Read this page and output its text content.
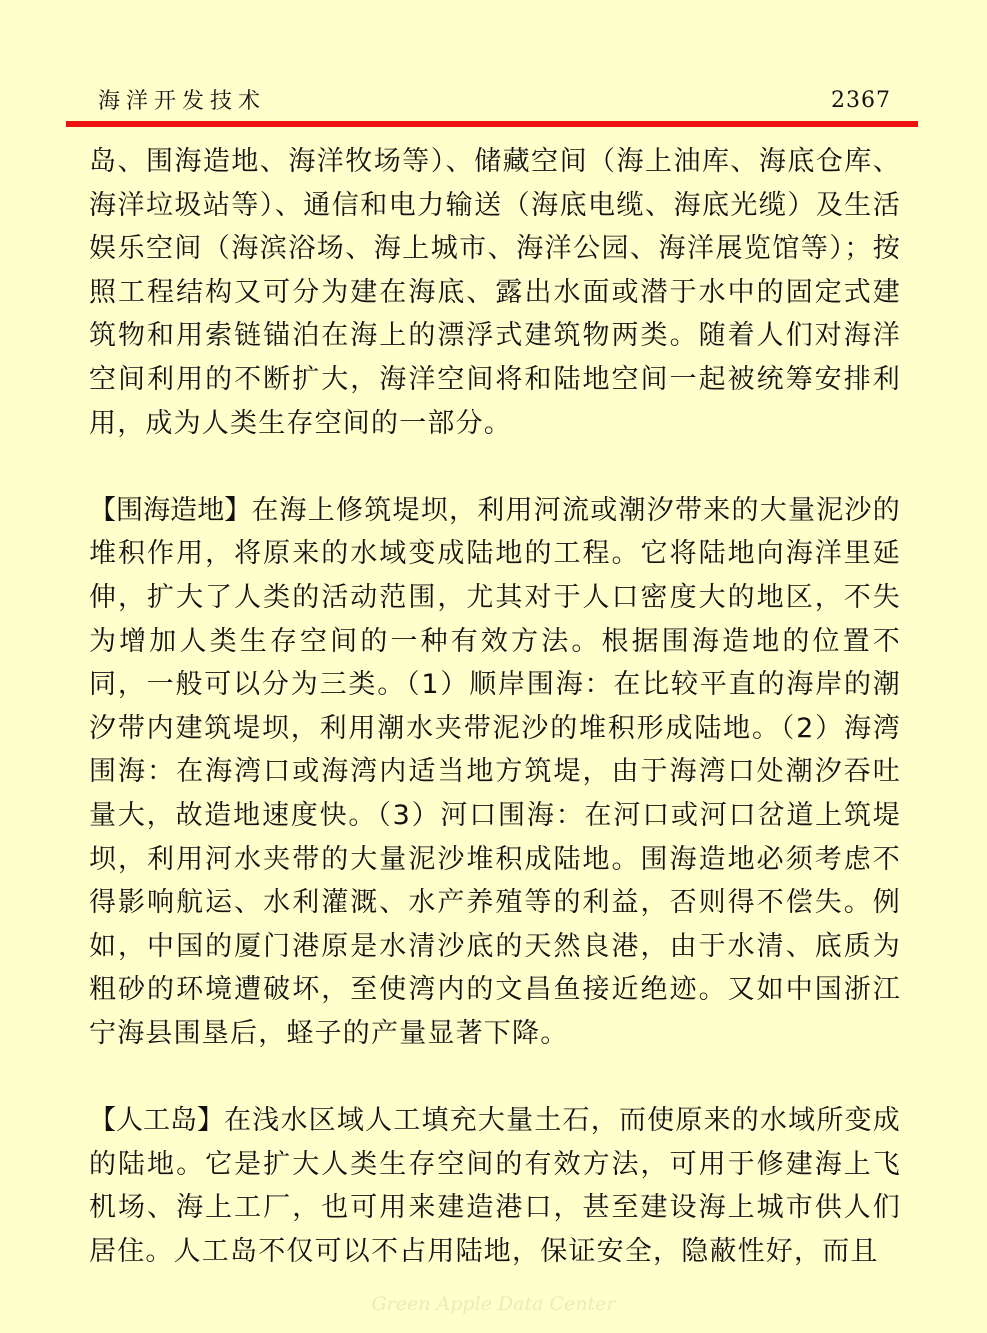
海洋开发技术	2367

岛、围海造地、海洋牧场等）、储藏空间（海上油库、海底仓库、海洋垃圾站等）、通信和电力输送（海底电缆、海底光缆）及生活娱乐空间（海滨浴场、海上城市、海洋公园、海洋展览馆等）；按照工程结构又可分为建在海底、露出水面或潜于水中的固定式建筑物和用索链锚泊在海上的漂浮式建筑物两类。随着人们对海洋空间利用的不断扩大，海洋空间将和陆地空间一起被统筹安排利用，成为人类生存空间的一部分。

【围海造地】在海上修筑堤坝，利用河流或潮汐带来的大量泥沙的堆积作用，将原来的水域变成陆地的工程。它将陆地向海洋里延伸，扩大了人类的活动范围，尤其对于人口密度大的地区，不失为增加人类生存空间的一种有效方法。根据围海造地的位置不同，一般可以分为三类。（1）顺岸围海：在比较平直的海岸的潮汐带内建筑堤坝，利用潮水夹带泥沙的堆积形成陆地。（2）海湾围海：在海湾口或海湾内适当地方筑堤，由于海湾口处潮汐吞吐量大，故造地速度快。（3）河口围海：在河口或河口岔道上筑堤坝，利用河水夹带的大量泥沙堆积成陆地。围海造地必须考虑不得影响航运、水利灌溉、水产养殖等的利益，否则得不偿失。例如，中国的厦门港原是水清沙底的天然良港，由于水清、底质为粗砂的环境遭破坏，至使湾内的文昌鱼接近绝迹。又如中国浙江宁海县围垦后，蛏子的产量显著下降。

【人工岛】在浅水区域人工填充大量土石，而使原来的水域所变成的陆地。它是扩大人类生存空间的有效方法，可用于修建海上飞机场、海上工厂，也可用来建造港口，甚至建设海上城市供人们居住。人工岛不仅可以不占用陆地，保证安全，隐蔽性好，而且

Green Apple Data Center
